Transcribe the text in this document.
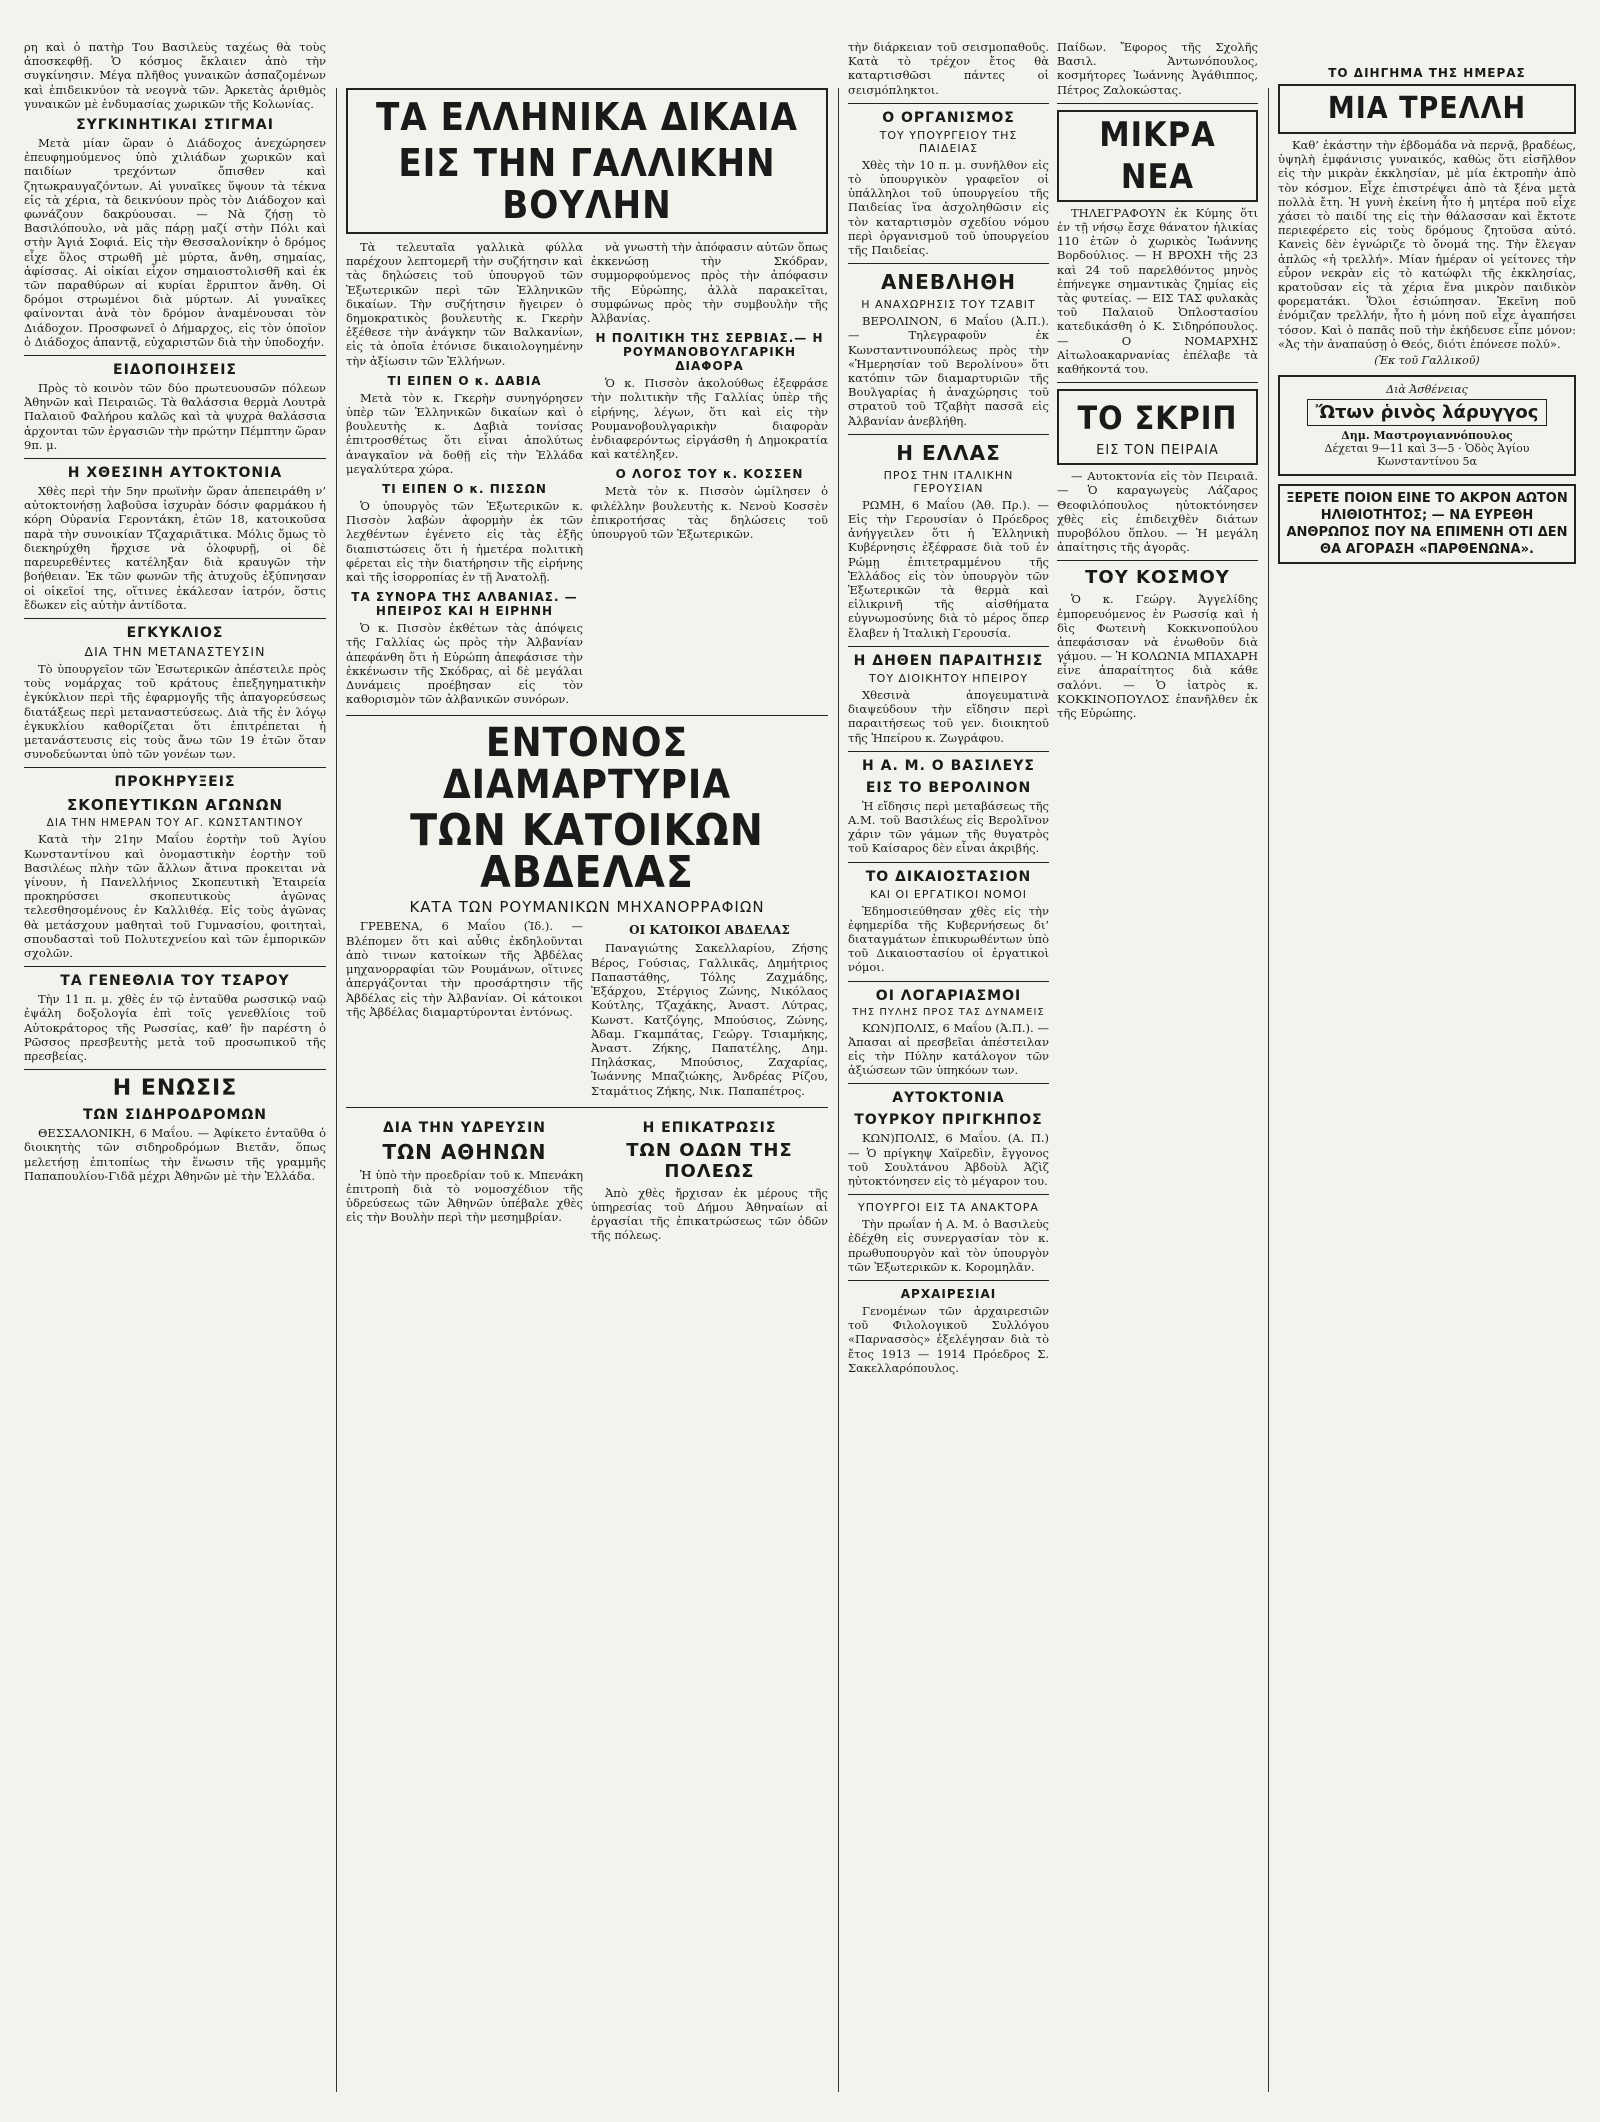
ρη καὶ ὁ πατὴρ Του Βασιλεὺς ταχέως θὰ τοὺς ἀποσκεφθῇ. Ὁ κόσμος ἔκλαιεν ἀπὸ τὴν συγκίνησιν. Μέγα πλῆθος γυναικῶν ἀσπαζομένων καὶ ἐπιδεικνύον τὰ νεογνὰ τῶν. Ἀρκετὰς ἀριθμὸς γυναικῶν μὲ ἐνδυμασίας χωρικῶν τῆς Κολωνίας.

ΣΥΓΚΙΝΗΤΙΚΑΙ ΣΤΙΓΜΑΙ

Μετὰ μίαν ὥραν ὁ Διάδοχος ἀνεχώρησεν ἐπευφημούμενος ὑπὸ χιλιάδων χωρικῶν καὶ παιδίων τρεχόντων ὄπισθεν καὶ ζητωκραυγαζόντων. Αἱ γυναῖκες ὕψουν τὰ τέκνα εἰς τὰ χέρια, τὰ δεικνύουν πρὸς τὸν Διάδοχον καὶ φωνάζουν δακρύουσαι. — Νὰ ζήσῃ τὸ Βασιλόπουλο, νὰ μᾶς πάρῃ μαζί στὴν Πόλι καὶ στὴν Ἁγιά Σοφιά. Εἰς τὴν Θεσσαλονίκην ὁ δρόμος εἶχε ὅλος στρωθῆ μὲ μύρτα, ἄνθη, σημαίας, ἀφίσσας. Αἱ οἰκίαι εἶχον σημαιοστολισθῆ καὶ ἐκ τῶν παραθύρων αἱ κυρίαι ἔρριπτον ἄνθη. Οἱ δρόμοι στρωμένοι διὰ μύρτων. Αἱ γυναῖκες φαίνονται ἀνὰ τὸν δρόμον ἀναμένουσαι τὸν Διάδοχον. Προσφωνεῖ ὁ Δήμαρχος, εἰς τὸν ὁποῖον ὁ Διάδοχος ἀπαντᾷ, εὐχαριστῶν διὰ τὴν ὑποδοχήν.

ΕΙΔΟΠΟΙΗΣΕΙΣ

Πρὸς τὸ κοινὸν τῶν δύο πρωτευουσῶν πόλεων Ἀθηνῶν καὶ Πειραιῶς. Τὰ θαλάσσια θερμὰ Λουτρὰ Παλαιοῦ Φαλήρου καλῶς καὶ τὰ ψυχρὰ θαλάσσια ἀρχονται τῶν ἐργασιῶν τὴν πρώτην Πέμπτην ὥραν 9π. μ.

Η ΧΘΕΣΙΝΗ ΑΥΤΟΚΤΟΝΙΑ

Χθὲς περὶ τὴν 5ην πρωϊνὴν ὥραν ἀπεπειράθη ν’ αὐτοκτονήσῃ λαβοῦσα ἰσχυρὰν δόσιν φαρμάκου ἡ κόρη Οὐρανία Γεροντάκη, ἐτῶν 18, κατοικοῦσα παρὰ τὴν συνοικίαν Τζαχαριᾶτικα. Μόλις ὅμως τὸ διεκηρύχθη ἤρχισε νὰ ὀλοφυρῇ, οἱ δὲ παρευρεθέντες κατέληξαν διὰ κραυγῶν τὴν βοήθειαν. Ἐκ τῶν φωνῶν τῆς ἀτυχοῦς ἐξύπνησαν οἱ οἰκεῖοί της, οἵτινες ἐκάλεσαν ἰατρόν, ὅστις ἔδωκεν εἰς αὐτὴν ἀντίδοτα.

ΕΓΚΥΚΛΙΟΣ
ΔΙΑ ΤΗΝ ΜΕΤΑΝΑΣΤΕΥΣΙΝ

Τὸ ὑπουργεῖον τῶν Ἐσωτερικῶν ἀπέστειλε πρὸς τοὺς νομάρχας τοῦ κράτους ἐπεξηγηματικὴν ἐγκύκλιον περὶ τῆς ἐφαρμογῆς τῆς ἀπαγορεύσεως διατάξεως περὶ μεταναστεύσεως. Διὰ τῆς ἐν λόγῳ ἐγκυκλίου καθορίζεται ὅτι ἐπιτρέπεται ἡ μετανάστευσις εἰς τοὺς ἄνω τῶν 19 ἐτῶν ὅταν συνοδεύωνται ὑπὸ τῶν γονέων των.

ΠΡΟΚΗΡΥΞΕΙΣ
ΣΚΟΠΕΥΤΙΚΩΝ ΑΓΩΝΩΝ
ΔΙΑ ΤΗΝ ΗΜΕΡΑΝ ΤΟΥ ΑΓ. ΚΩΝΣΤΑΝΤΙΝΟΥ

Κατὰ τὴν 21ην Μαΐου ἑορτὴν τοῦ Ἁγίου Κωνσταντίνου καὶ ὀνομαστικὴν ἑορτὴν τοῦ Βασιλέως πλὴν τῶν ἄλλων ἄτινα προκειται νὰ γίνουν, ἡ Πανελλήνιος Σκοπευτικὴ Ἑταιρεία προκηρύσσει σκοπευτικοὺς ἀγῶνας τελεσθησομένους ἐν Καλλιθέᾳ. Εἰς τοὺς ἀγῶνας θὰ μετάσχουν μαθηταὶ τοῦ Γυμνασίου, φοιτηταὶ, σπουδασταὶ τοῦ Πολυτεχνείου καὶ τῶν ἐμπορικῶν σχολῶν.

ΤΑ ΓΕΝΕΘΛΙΑ ΤΟΥ ΤΣΑΡΟΥ

Τὴν 11 π. μ. χθὲς ἐν τῷ ἐνταῦθα ρωσσικῷ ναῷ ἐψάλη δοξολογία ἐπὶ τοῖς γενεθλίοις τοῦ Αὐτοκράτορος τῆς Ρωσσίας, καθ’ ἣν παρέστη ὁ Ρῶσσος πρεσβευτὴς μετὰ τοῦ προσωπικοῦ τῆς πρεσβείας.

Η ΕΝΩΣΙΣ
ΤΩΝ ΣΙΔΗΡΟΔΡΟΜΩΝ

ΘΕΣΣΑΛΟΝΙΚΗ, 6 Μαΐου. — Ἀφίκετο ἐνταῦθα ὁ διοικητὴς τῶν σιδηροδρόμων Βιετᾶν, ὅπως μελετήσῃ ἐπιτοπίως τὴν ἕνωσιν τῆς γραμμῆς Παπαπουλίου-Γιδᾶ μέχρι Ἀθηνῶν μὲ τὴν Ἑλλάδα.

ΤΑ ΕΛΛΗΝΙΚΑ ΔΙΚΑΙΑ
ΕΙΣ ΤΗΝ ΓΑΛΛΙΚΗΝ ΒΟΥΛΗΝ

Τὰ τελευταῖα γαλλικὰ φύλλα παρέχουν λεπτομερῆ τὴν συζήτησιν καὶ τὰς δηλώσεις τοῦ ὑπουργοῦ τῶν Ἐξωτερικῶν περὶ τῶν Ἑλληνικῶν δικαίων. Τὴν συζήτησιν ἤγειρεν ὁ δημοκρατικὸς βουλευτὴς κ. Γκερὴν ἐξέθεσε τὴν ἀνάγκην τῶν Βαλκανίων, εἰς τὰ ὁποῖα ἐτόνισε δικαιολογημένην τὴν ἀξίωσιν τῶν Ἑλλήνων.

ΤΙ ΕΙΠΕΝ Ο κ. ΔΑΒΙΑ

Μετὰ τὸν κ. Γκερὴν συνηγόρησεν ὑπὲρ τῶν Ἑλληνικῶν δικαίων καὶ ὁ βουλευτὴς κ. Δαβιὰ τονίσας ἐπιτροσθέτως ὅτι εἶναι ἀπολύτως ἀναγκαῖον νὰ δοθῇ εἰς τὴν Ἑλλάδα μεγαλύτερα χώρα.

ΤΙ ΕΙΠΕΝ Ο κ. ΠΙΣΣΩΝ

Ὁ ὑπουργὸς τῶν Ἐξωτερικῶν κ. Πισσὸν λαβὼν ἀφορμὴν ἐκ τῶν λεχθέντων ἐγένετο εἰς τὰς ἑξῆς διαπιστώσεις ὅτι ἡ ἡμετέρα πολιτικὴ φέρεται εἰς τὴν διατήρησιν τῆς εἰρήνης καὶ τῆς ἰσορροπίας ἐν τῇ Ἀνατολῇ.

ΤΑ ΣΥΝΟΡΑ ΤΗΣ ΑΛΒΑΝΙΑΣ. — ΗΠΕΙΡΟΣ ΚΑΙ Η ΕΙΡΗΝΗ

Ὁ κ. Πισσὸν ἐκθέτων τὰς ἀπόψεις τῆς Γαλλίας ὡς πρὸς τὴν Ἀλβανίαν ἀπεφάνθη ὅτι ἡ Εὐρώπη ἀπεφάσισε τὴν ἐκκένωσιν τῆς Σκόδρας, αἱ δὲ μεγάλαι Δυνάμεις προέβησαν εἰς τὸν καθορισμὸν τῶν ἀλβανικῶν συνόρων.

νὰ γνωστὴ τὴν ἀπόφασιν αὐτῶν ὅπως ἐκκενώσῃ τὴν Σκόδραν, συμμορφούμενος πρὸς τὴν ἀπόφασιν τῆς Εὐρώπης, ἀλλὰ παρακεῖται, συμφώνως πρὸς τὴν συμβουλὴν τῆς Ἀλβανίας.

Η ΠΟΛΙΤΙΚΗ ΤΗΣ ΣΕΡΒΙΑΣ.— Η ΡΟΥΜΑΝΟΒΟΥΛΓΑΡΙΚΗ ΔΙΑΦΟΡΑ

Ὁ κ. Πισσὸν ἀκολούθως ἐξεφράσε τὴν πολιτικὴν τῆς Γαλλίας ὑπὲρ τῆς εἰρήνης, λέγων, ὅτι καὶ εἰς τὴν Ρουμανοβουλγαρικὴν διαφορὰν ἐνδιαφερόντως εἰργάσθη ἡ Δημοκρατία καὶ κατέληξεν.

Ο ΛΟΓΟΣ ΤΟΥ κ. ΚΟΣΣΕΝ

Μετὰ τὸν κ. Πισσὸν ὡμίλησεν ὁ φιλέλλην βουλευτὴς κ. Νενοὺ Κοσσὲν ἐπικροτήσας τὰς δηλώσεις τοῦ ὑπουργοῦ τῶν Ἐξωτερικῶν.

ΕΝΤΟΝΟΣ ΔΙΑΜΑΡΤΥΡΙΑ
ΤΩΝ ΚΑΤΟΙΚΩΝ ΑΒΔΕΛΑΣ
ΚΑΤΑ ΤΩΝ ΡΟΥΜΑΝΙΚΩΝ ΜΗΧΑΝΟΡΡΑΦΙΩΝ

ΓΡΕΒΕΝΑ, 6 Μαΐου (Ἰδ.). — Βλέπομεν ὅτι καὶ αὖθις ἐκδηλοῦνται ἀπὸ τινων κατοίκων τῆς Ἀβδέλας μηχανορραφίαι τῶν Ρουμάνων, οἵτινες ἀπεργάζονται τὴν προσάρτησιν τῆς Ἀβδέλας εἰς τὴν Ἀλβανίαν. Οἱ κάτοικοι τῆς Ἀβδέλας διαμαρτύρονται ἐντόνως.

ΟΙ ΚΑΤΟΙΚΟΙ ΑΒΔΕΛΑΣ

Παναγιώτης Σακελλαρίου, Ζήσης Βέρος, Γούσιας, Γαλλικᾶς, Δημήτριος Παπαστάθης, Τόλης Ζαχμάδης, Ἐξάρχου, Στέργιος Ζώνης, Νικόλαος Κούτλης, Τζαχάκης, Ἀναστ. Λύτρας, Κωνστ. Κατζόγης, Μπούσιος, Ζώνης, Ἀδαμ. Γκαμπάτας, Γεώργ. Τσιαμήκης, Ἀναστ. Ζήκης, Παπατέλης, Δημ. Πηλάσκας, Μπούσιος, Ζαχαρίας, Ἰωάννης Μπαζιώκης, Ἀνδρέας Ρίζου, Σταμάτιος Ζήκης, Νικ. Παπαπέτρος.

ΔΙΑ ΤΗΝ ΥΔΡΕΥΣΙΝ
ΤΩΝ ΑΘΗΝΩΝ

Ἡ ὑπὸ τὴν προεδρίαν τοῦ κ. Μπενάκη ἐπιτροπὴ διὰ τὸ νομοσχέδιον τῆς ὑδρεύσεως τῶν Ἀθηνῶν ὑπέβαλε χθὲς εἰς τὴν Βουλὴν περὶ τὴν μεσημβρίαν.

Η ΕΠΙΚΑΤΡΩΣΙΣ
ΤΩΝ ΟΔΩΝ ΤΗΣ ΠΟΛΕΩΣ

Ἀπὸ χθὲς ἤρχισαν ἐκ μέρους τῆς ὑπηρεσίας τοῦ Δήμου Ἀθηναίων αἱ ἐργασίαι τῆς ἐπικατρώσεως τῶν ὁδῶν τῆς πόλεως.

τὴν διάρκειαν τοῦ σεισμοπαθοῦς. Κατὰ τὸ τρέχον ἔτος θὰ καταρτισθῶσι πάντες οἱ σεισμόπληκτοι.

Ο ΟΡΓΑΝΙΣΜΟΣ
ΤΟΥ ΥΠΟΥΡΓΕΙΟΥ ΤΗΣ ΠΑΙΔΕΙΑΣ

Χθὲς τὴν 10 π. μ. συνῆλθον εἰς τὸ ὑπουργικὸν γραφεῖον οἱ ὑπάλληλοι τοῦ ὑπουργείου τῆς Παιδείας ἵνα ἀσχοληθῶσιν εἰς τὸν καταρτισμὸν σχεδίου νόμου περὶ ὀργανισμοῦ τοῦ ὑπουργείου τῆς Παιδείας.

ΑΝΕΒΛΗΘΗ
Η ΑΝΑΧΩΡΗΣΙΣ ΤΟΥ ΤΖΑΒΙΤ

ΒΕΡΟΛΙΝΟΝ, 6 Μαΐου (Ἀ.Π.). — Τηλεγραφοῦν ἐκ Κωνσταντινουπόλεως πρὸς τὴν «Ἡμερησίαν τοῦ Βερολίνου» ὅτι κατόπιν τῶν διαμαρτυριῶν τῆς Βουλγαρίας ἡ ἀναχώρησις τοῦ στρατοῦ τοῦ Τζαβὴτ πασσᾶ εἰς Ἀλβανίαν ἀνεβλήθη.

Η ΕΛΛΑΣ
ΠΡΟΣ ΤΗΝ ΙΤΑΛΙΚΗΝ ΓΕΡΟΥΣΙΑΝ

ΡΩΜΗ, 6 Μαΐου (Ἀθ. Πρ.). — Εἰς τὴν Γερουσίαν ὁ Πρόεδρος ἀνήγγειλεν ὅτι ἡ Ἑλληνικὴ Κυβέρνησις ἐξέφρασε διὰ τοῦ ἐν Ρώμῃ ἐπιτετραμμένου τῆς Ἑλλάδος εἰς τὸν ὑπουργὸν τῶν Ἐξωτερικῶν τὰ θερμὰ καὶ εἰλικρινῆ τῆς αἰσθήματα εὐγνωμοσύνης διὰ τὸ μέρος ὅπερ ἔλαβεν ἡ Ἰταλικὴ Γερουσία.

Η ΔΗΘΕΝ ΠΑΡΑΙΤΗΣΙΣ
ΤΟΥ ΔΙΟΙΚΗΤΟΥ ΗΠΕΙΡΟΥ

Χθεσινὰ ἀπογευματινὰ διαψεύδουν τὴν εἴδησιν περὶ παραιτήσεως τοῦ γεν. διοικητοῦ τῆς Ἠπείρου κ. Ζωγράφου.

Η Α. Μ. Ο ΒΑΣΙΛΕΥΣ
ΕΙΣ ΤΟ ΒΕΡΟΛΙΝΟΝ

Ἡ εἴδησις περὶ μεταβάσεως τῆς Α.Μ. τοῦ Βασιλέως εἰς Βερολῖνον χάριν τῶν γάμων τῆς θυγατρὸς τοῦ Καίσαρος δὲν εἶναι ἀκριβής.

ΤΟ ΔΙΚΑΙΟΣΤΑΣΙΟΝ
ΚΑΙ ΟΙ ΕΡΓΑΤΙΚΟΙ ΝΟΜΟΙ

Ἐδημοσιεύθησαν χθὲς εἰς τὴν ἐφημερίδα τῆς Κυβερνήσεως δι’ διαταγμάτων ἐπικυρωθέντων ὑπὸ τοῦ Δικαιοστασίου οἱ ἐργατικοὶ νόμοι.

ΟΙ ΛΟΓΑΡΙΑΣΜΟΙ
ΤΗΣ ΠΥΛΗΣ ΠΡΟΣ ΤΑΣ ΔΥΝΑΜΕΙΣ

ΚΩΝ)ΠΟΛΙΣ, 6 Μαΐου (Ἀ.Π.). — Ἀπασαι αἱ πρεσβεῖαι ἀπέστειλαν εἰς τὴν Πύλην κατάλογον τῶν ἀξιώσεων τῶν ὑπηκόων των.

ΑΥΤΟΚΤΟΝΙΑ
ΤΟΥΡΚΟΥ ΠΡΙΓΚΗΠΟΣ

ΚΩΝ)ΠΟΛΙΣ, 6 Μαΐου. (Α. Π.) — Ὁ πρίγκηψ Χαϊρεδὶν, ἔγγονος τοῦ Σουλτάνου Ἀβδοὺλ Ἀζὶζ ηὐτοκτόνησεν εἰς τὸ μέγαρον του.

ΥΠΟΥΡΓΟΙ ΕΙΣ ΤΑ ΑΝΑΚΤΟΡΑ

Τὴν πρωΐαν ἡ Α. Μ. ὁ Βασιλεὺς ἐδέχθη εἰς συνεργασίαν τὸν κ. πρωθυπουργὸν καὶ τὸν ὑπουργὸν τῶν Ἐξωτερικῶν κ. Κορομηλᾶν.

ΑΡΧΑΙΡΕΣΙΑΙ

Γενομένων τῶν ἀρχαιρεσιῶν τοῦ Φιλολογικοῦ Συλλόγου «Παρνασσὸς» ἐξελέγησαν διὰ τὸ ἔτος 1913 — 1914 Πρόεδρος Σ. Σακελλαρόπουλος.

Παίδων. Ἔφορος τῆς Σχολῆς Βασιλ. Ἀντωνόπουλος, κοσμήτορες Ἰωάννης Ἀγάθιππος, Πέτρος Ζαλοκώστας.

ΜΙΚΡΑ ΝΕΑ

ΤΗΛΕΓΡΑΦΟΥΝ ἐκ Κύμης ὅτι ἐν τῇ νήσῳ ἔσχε θάνατον ἡλικίας 110 ἐτῶν ὁ χωρικὸς Ἰωάννης Βορδούλιος. — Η ΒΡΟΧΗ τῆς 23 καὶ 24 τοῦ παρελθόντος μηνὸς ἐπήνεγκε σημαντικὰς ζημίας εἰς τὰς φυτείας. — ΕΙΣ ΤΑΣ φυλακὰς τοῦ Παλαιοῦ Ὀπλοστασίου κατεδικάσθη ὁ Κ. Σιδηρόπουλος. — Ο ΝΟΜΑΡΧΗΣ Αἰτωλοακαρνανίας ἐπέλαβε τὰ καθήκοντά του.

ΤΟ ΣΚΡΙΠ
ΕΙΣ ΤΟΝ ΠΕΙΡΑΙΑ

— Αυτοκτονία εἰς τὸν Πειραιᾶ. — Ὁ καραγωγεὺς Λάζαρος Θεοφιλόπουλος ηὐτοκτόνησεν χθὲς εἰς ἐπιδειχθὲν διάτων πυροβόλου ὅπλου. — Ἡ μεγάλη ἀπαίτησις τῆς ἀγορᾶς.

ΤΟΥ ΚΟΣΜΟΥ

Ὁ κ. Γεώργ. Ἀγγελίδης ἐμπορευόμενος ἐν Ρωσσίᾳ καὶ ἡ δὶς Φωτεινὴ Κοκκινοπούλου ἀπεφάσισαν νὰ ἑνωθοῦν διὰ γάμου. — Ἡ ΚΟΛΩΝΙΑ ΜΠΑΧΑΡΗ εἶνε ἀπαραίτητος διὰ κάθε σαλόνι. — Ὁ ἰατρὸς κ. ΚΟΚΚΙΝΟΠΟΥΛΟΣ ἐπανῆλθεν ἐκ τῆς Εὐρώπης.

ΤΟ ΔΙΗΓΗΜΑ ΤΗΣ ΗΜΕΡΑΣ
ΜΙΑ ΤΡΕΛΛΗ

Καθ’ ἑκάστην τὴν ἑβδομάδα νὰ περνᾷ, βραδέως, ὑψηλὴ ἐμφάνισις γυναικός, καθὼς ὅτι εἰσῆλθον εἰς τὴν μικρὰν ἐκκλησίαν, μὲ μία ἐκτροπὴν ἀπὸ τὸν κόσμον. Εἶχε ἐπιστρέψει ἀπὸ τὰ ξένα μετὰ πολλὰ ἔτη. Ἡ γυνὴ ἐκείνη ἦτο ἡ μητέρα ποῦ εἶχε χάσει τὸ παιδί της εἰς τὴν θάλασσαν καὶ ἔκτοτε περιεφέρετο εἰς τοὺς δρόμους ζητοῦσα αὐτό. Κανεὶς δὲν ἐγνώριζε τὸ ὄνομά της. Τὴν ἔλεγαν ἁπλῶς «ἡ τρελλή». Μίαν ἡμέραν οἱ γείτονες τὴν εὗρον νεκρὰν εἰς τὸ κατώφλι τῆς ἐκκλησίας, κρατοῦσαν εἰς τὰ χέρια ἕνα μικρὸν παιδικὸν φορεματάκι. Ὅλοι ἐσιώπησαν. Ἐκεῖνη ποῦ ἐνόμιζαν τρελλήν, ἦτο ἡ μόνη ποῦ εἶχε ἀγαπήσει τόσον. Καὶ ὁ παπᾶς ποῦ τὴν ἐκήδευσε εἶπε μόνον: «Ἀς τὴν ἀναπαύσῃ ὁ Θεός, διότι ἐπόνεσε πολύ».

(Ἐκ τοῦ Γαλλικοῦ)
Διὰ Ἀσθένειας
Ὤτων ῥινὸς λάρυγγος
Δημ. Μαστρογιαννόπουλος
Δέχεται 9—11 καὶ 3—5 · Ὁδὸς Ἁγίου Κωνσταντίνου 5α
ΞΕΡΕΤΕ ΠΟΙΟΝ ΕΙΝΕ ΤΟ ΑΚΡΟΝ ΑΩΤΟΝ ΗΛΙΘΙΟΤΗΤΟΣ; — ΝΑ ΕΥΡΕΘΗ ΑΝΘΡΩΠΟΣ ΠΟΥ ΝΑ ΕΠΙΜΕΝΗ ΟΤΙ ΔΕΝ ΘΑ ΑΓΟΡΑΣΗ «ΠΑΡΘΕΝΩΝΑ».
